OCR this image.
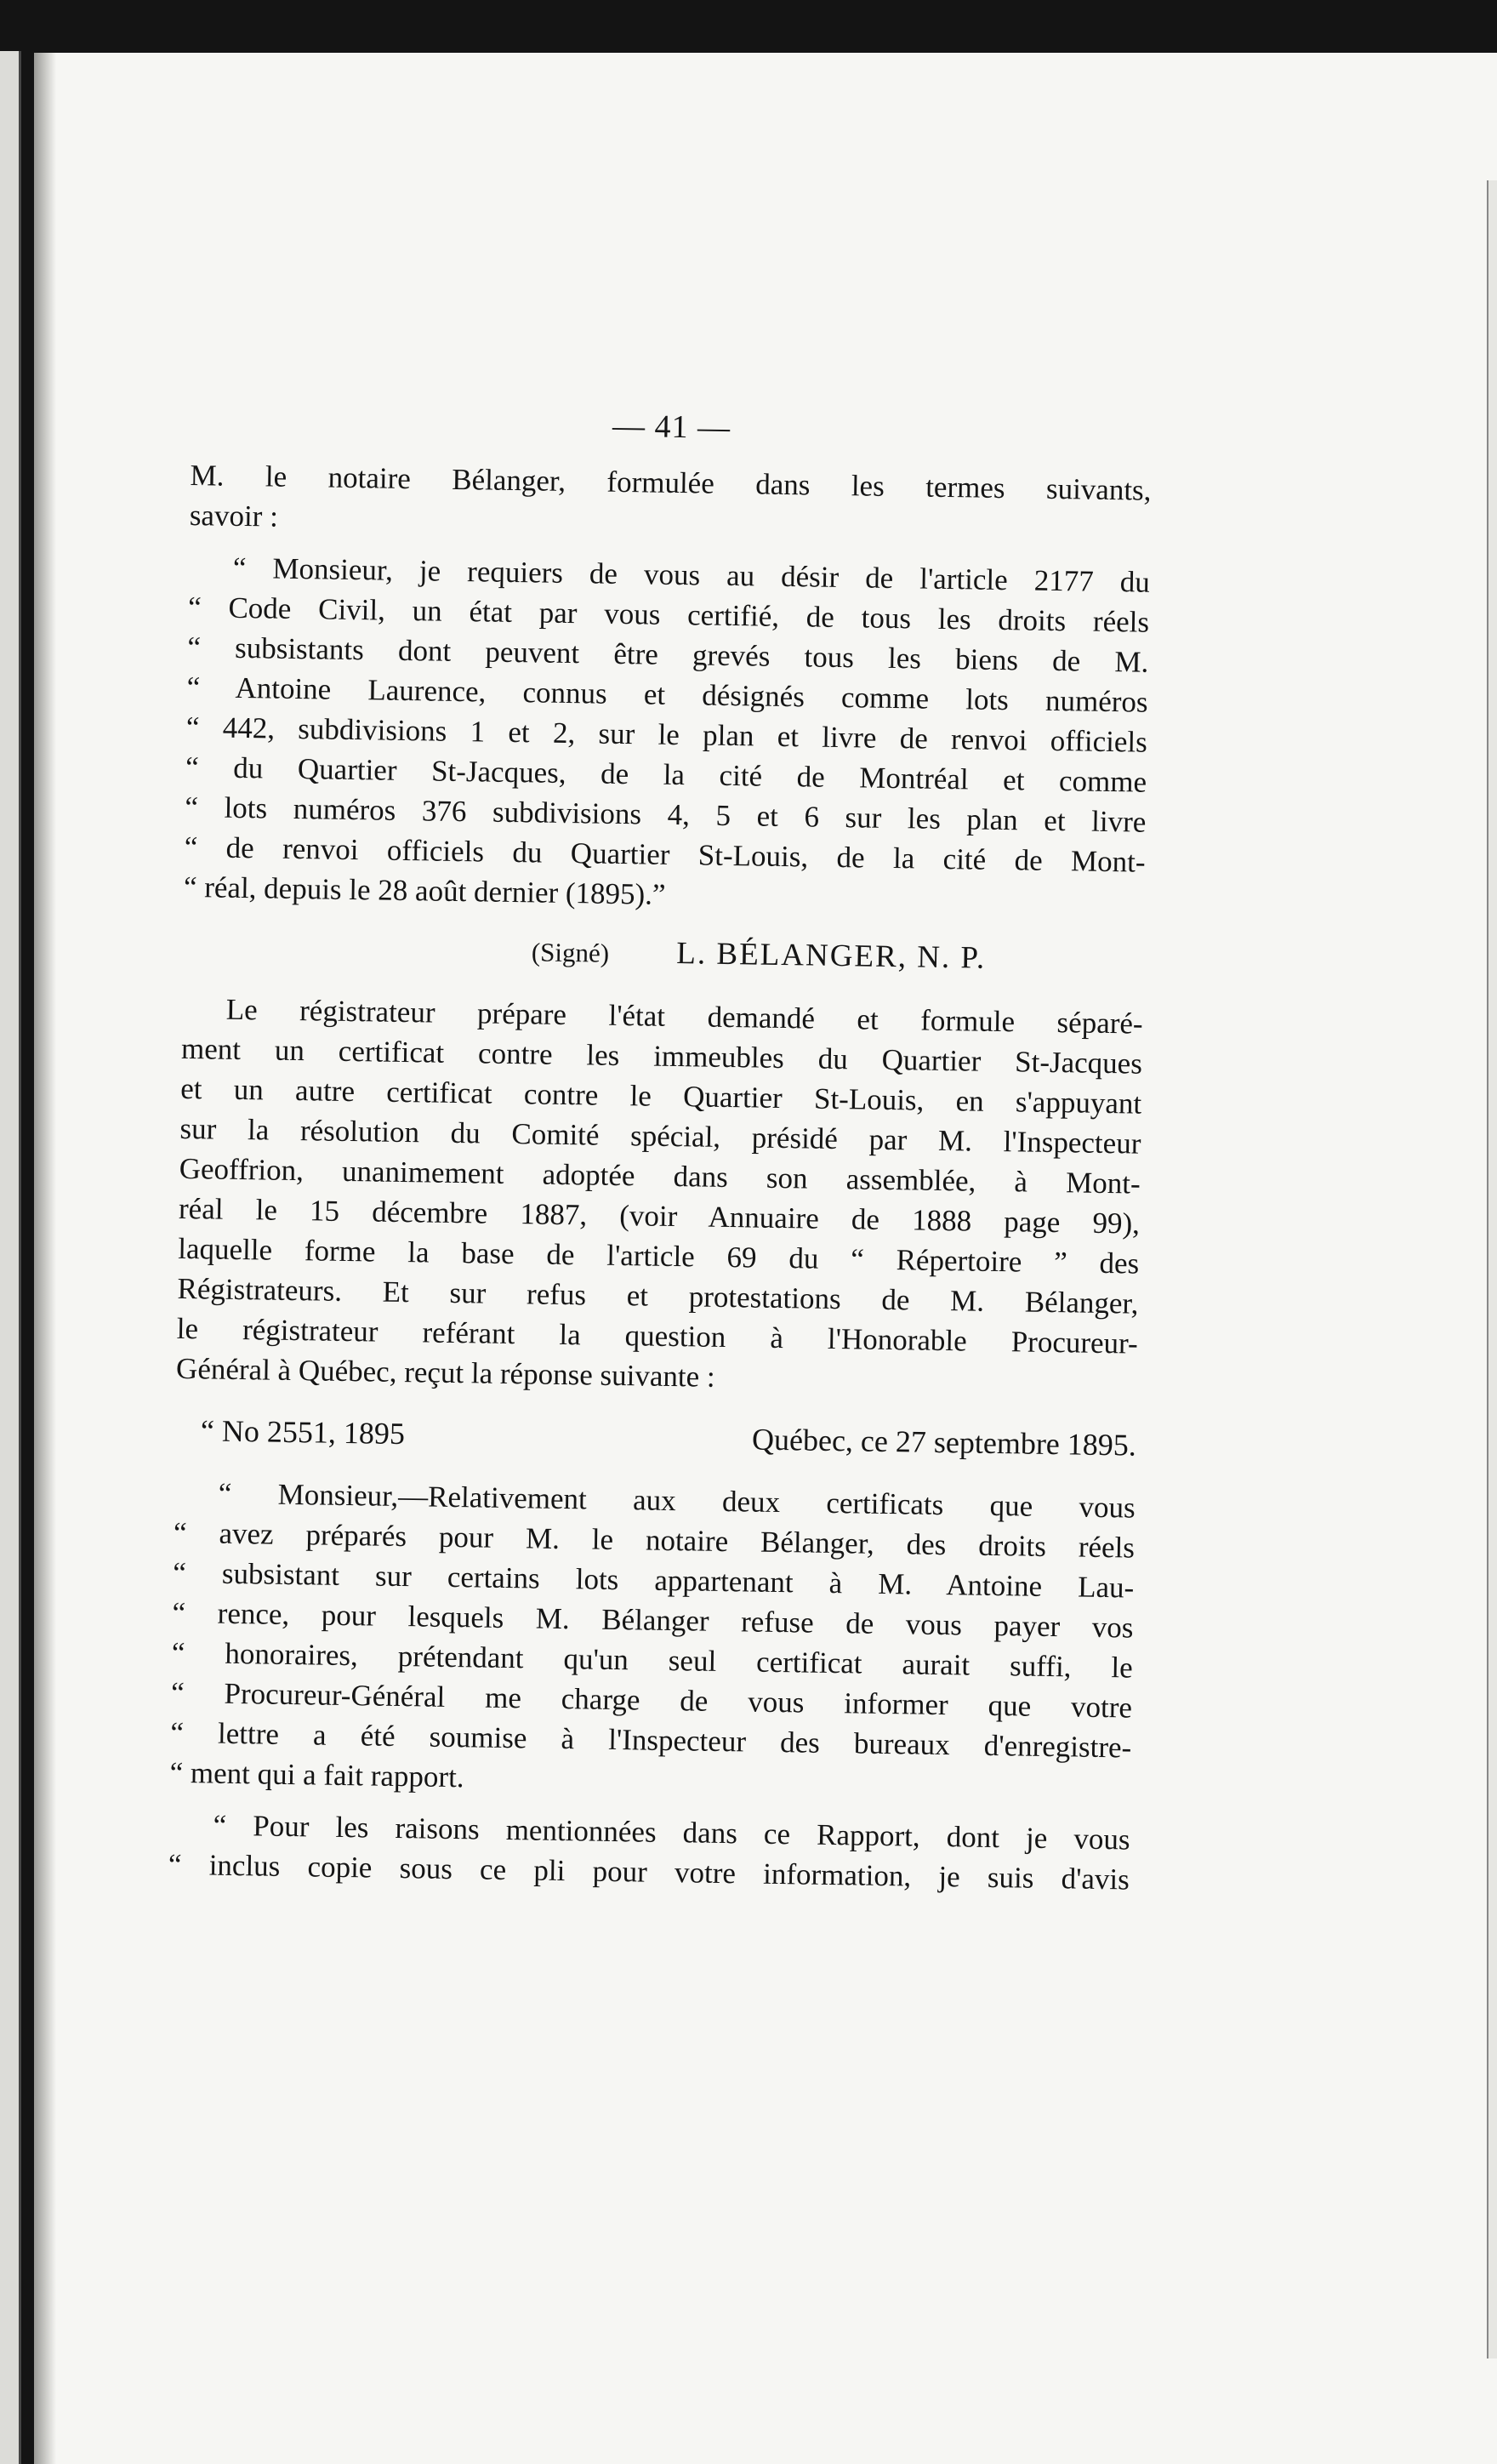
— 41 —
M. le notaire Bélanger, formulée dans les termes suivants,
savoir :
“ Monsieur, je requiers de vous au désir de l'article 2177 du
“ Code Civil, un état par vous certifié, de tous les droits réels
“ subsistants dont peuvent être grevés tous les biens de M.
“ Antoine Laurence, connus et désignés comme lots numéros
“ 442, subdivisions 1 et 2, sur le plan et livre de renvoi officiels
“ du Quartier St-Jacques, de la cité de Montréal et comme
“ lots numéros 376 subdivisions 4, 5 et 6 sur les plan et livre
“ de renvoi officiels du Quartier St-Louis, de la cité de Mont-
“ réal, depuis le 28 août dernier (1895).”
(Signé) L. BÉLANGER, N. P.
Le régistrateur prépare l'état demandé et formule séparé-
ment un certificat contre les immeubles du Quartier St-Jacques
et un autre certificat contre le Quartier St-Louis, en s'appuyant
sur la résolution du Comité spécial, présidé par M. l'Inspecteur
Geoffrion, unanimement adoptée dans son assemblée, à Mont-
réal le 15 décembre 1887, (voir Annuaire de 1888 page 99),
laquelle forme la base de l'article 69 du “ Répertoire ” des
Régistrateurs. Et sur refus et protestations de M. Bélanger,
le régistrateur reférant la question à l'Honorable Procureur-
Général à Québec, reçut la réponse suivante :
“ No 2551, 1895	Québec, ce 27 septembre 1895.
“ Monsieur,—Relativement aux deux certificats que vous
“ avez préparés pour M. le notaire Bélanger, des droits réels
“ subsistant sur certains lots appartenant à M. Antoine Lau-
“ rence, pour lesquels M. Bélanger refuse de vous payer vos
“ honoraires, prétendant qu'un seul certificat aurait suffi, le
“ Procureur-Général me charge de vous informer que votre
“ lettre a été soumise à l'Inspecteur des bureaux d'enregistre-
“ ment qui a fait rapport.
“ Pour les raisons mentionnées dans ce Rapport, dont je vous
“ inclus copie sous ce pli pour votre information, je suis d'avis
